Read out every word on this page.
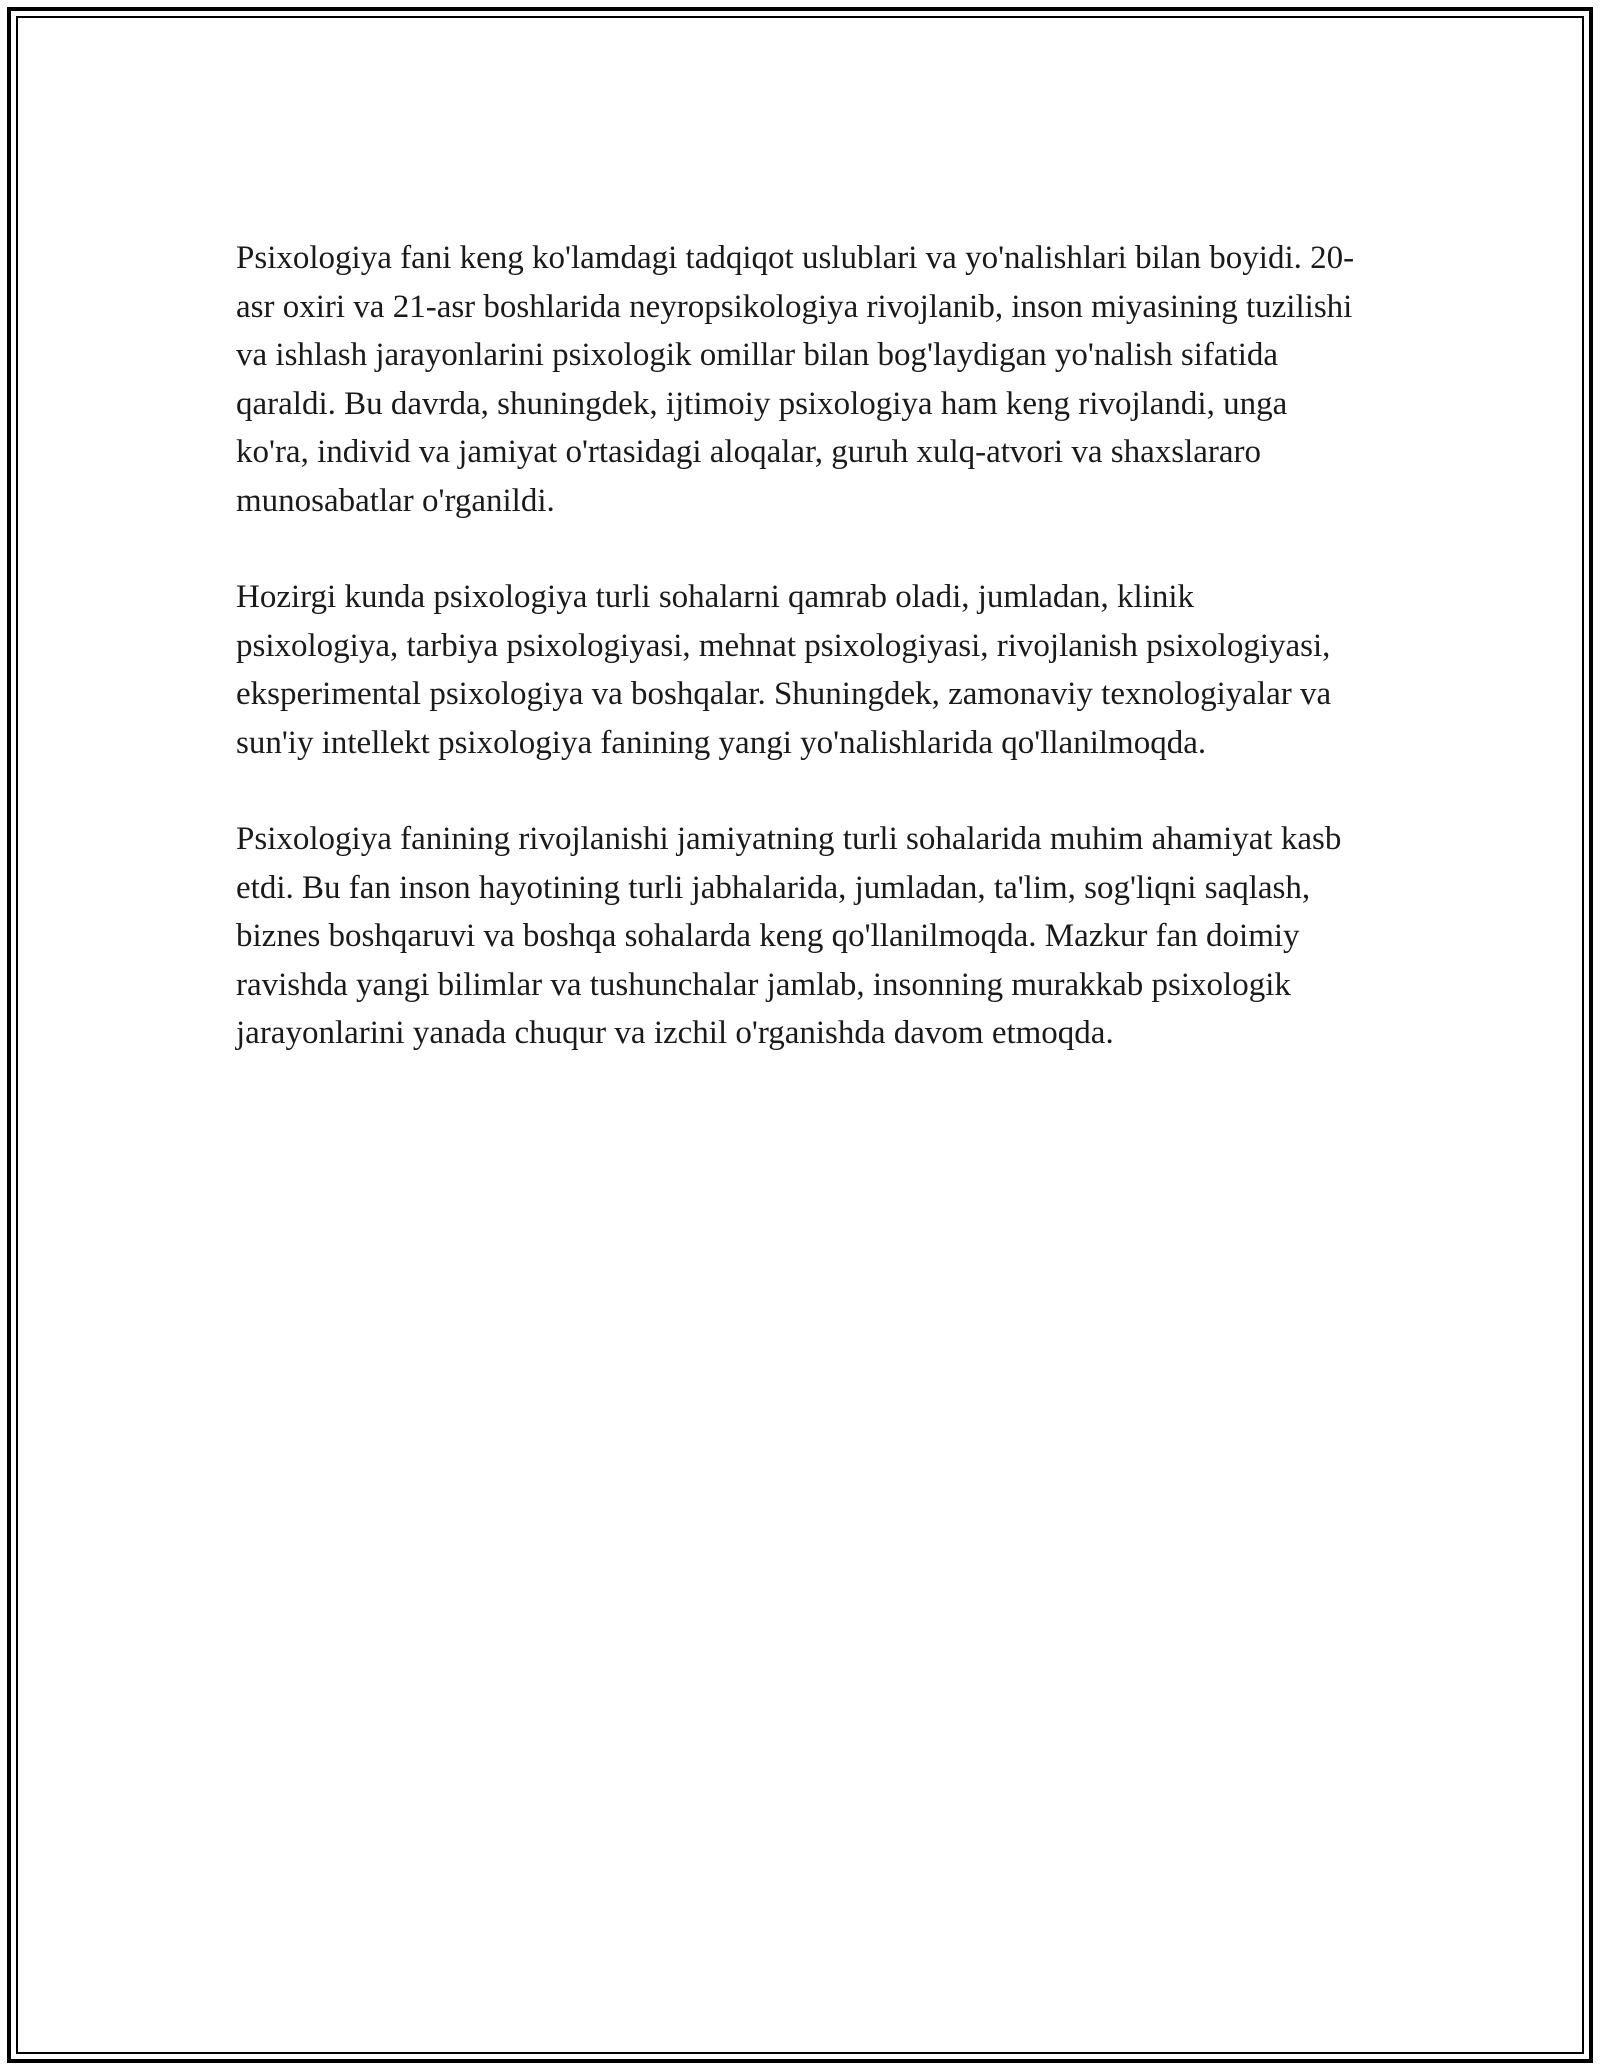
Psixologiya fani keng ko'lamdagi tadqiqot uslublari va yo'nalishlari bilan boyidi. 20-asr oxiri va 21-asr boshlarida neyropsikologiya rivojlanib, inson miyasining tuzilishi va ishlash jarayonlarini psixologik omillar bilan bog'laydigan yo'nalish sifatida qaraldi. Bu davrda, shuningdek, ijtimoiy psixologiya ham keng rivojlandi, unga ko'ra, individ va jamiyat o'rtasidagi aloqalar, guruh xulq-atvori va shaxslararo munosabatlar o'rganildi.

Hozirgi kunda psixologiya turli sohalarni qamrab oladi, jumladan, klinik psixologiya, tarbiya psixologiyasi, mehnat psixologiyasi, rivojlanish psixologiyasi, eksperimental psixologiya va boshqalar. Shuningdek, zamonaviy texnologiyalar va sun'iy intellekt psixologiya fanining yangi yo'nalishlarida qo'llanilmoqda.

Psixologiya fanining rivojlanishi jamiyatning turli sohalarida muhim ahamiyat kasb etdi. Bu fan inson hayotining turli jabhalarida, jumladan, ta'lim, sog'liqni saqlash, biznes boshqaruvi va boshqa sohalarda keng qo'llanilmoqda. Mazkur fan doimiy ravishda yangi bilimlar va tushunchalar jamlab, insonning murakkab psixologik jarayonlarini yanada chuqur va izchil o'rganishda davom etmoqda.
